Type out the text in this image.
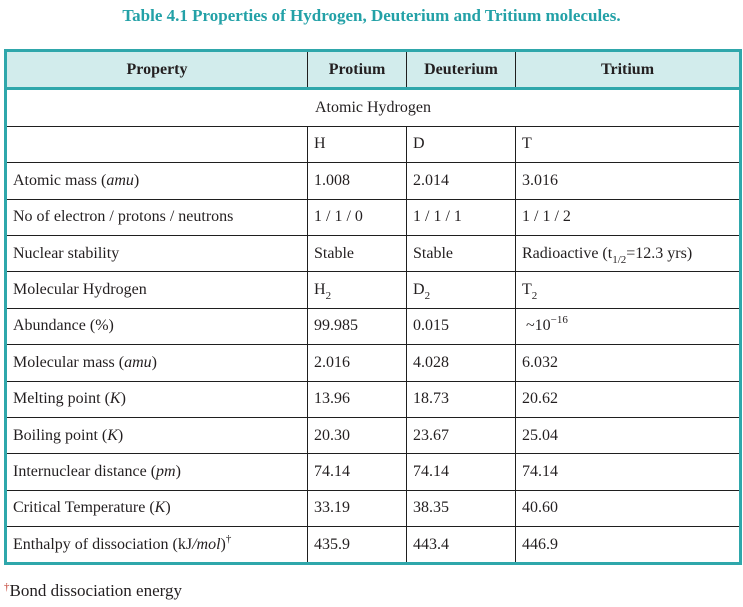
Table 4.1 Properties of Hydrogen, Deuterium and Tritium molecules.
Property	Protium	Deuterium	Tritium
Atomic Hydrogen			
	H	D	T
Atomic mass (amu)	1.008	2.014	3.016
No of electron / protons / neutrons	1 / 1 / 0	1 / 1 / 1	1 / 1 / 2
Nuclear stability	Stable	Stable	Radioactive ($t_{1/2}=12.3$ yrs)
Molecular Hydrogen	$H_2$	$D_2$	$T_2$
Abundance (%)	99.985	0.015	$\sim 10^{-16}$
Molecular mass (amu)	2.016	4.028	6.032
Melting point (K)	13.96	18.73	20.62
Boiling point (K)	20.30	23.67	25.04
Internuclear distance (pm)	74.14	74.14	74.14
Critical Temperature (K)	33.19	38.35	40.60
Enthalpy of dissociation (kJ/mol)†	435.9	443.4	446.9
†Bond dissociation energy
